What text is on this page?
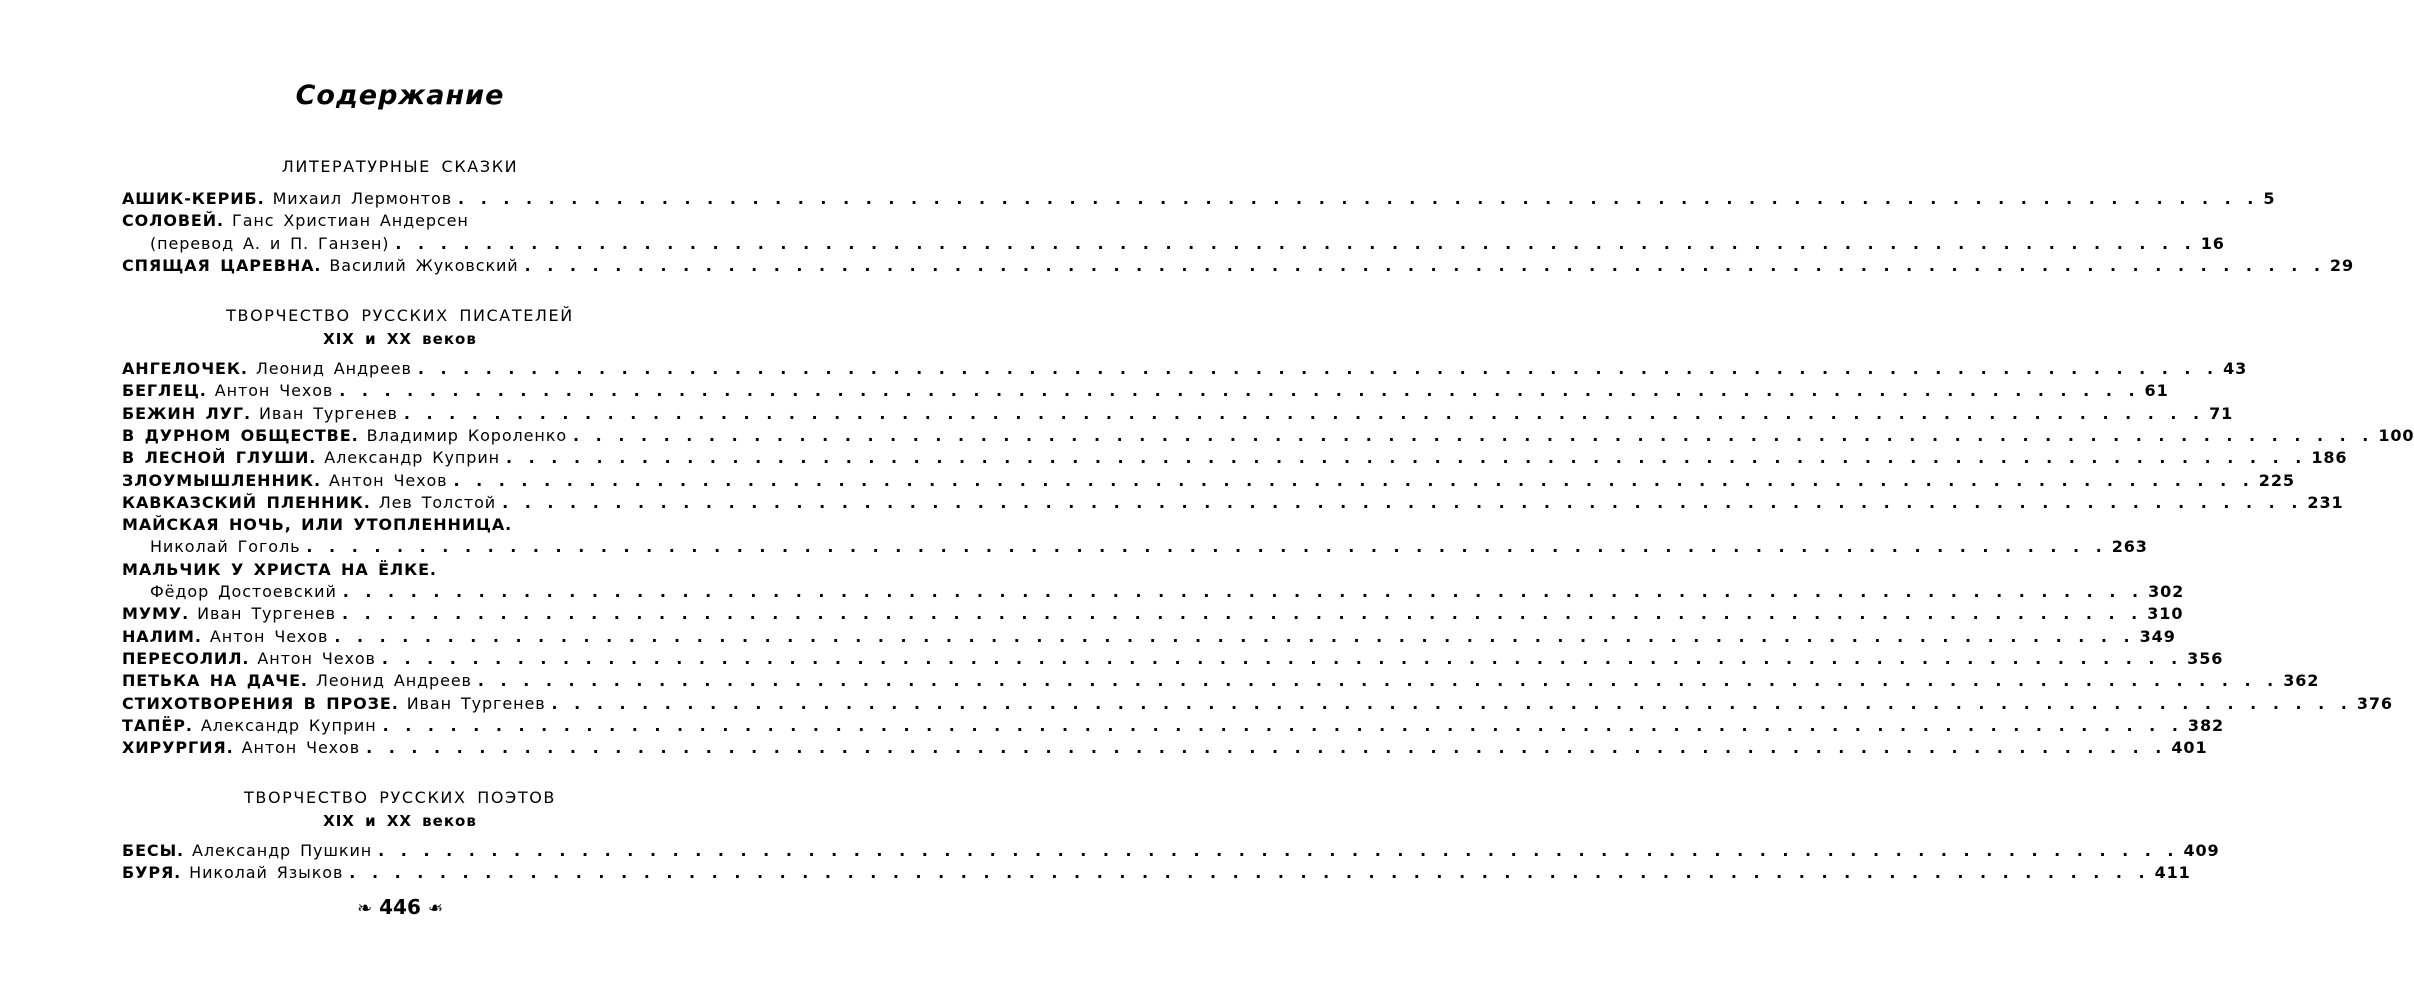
Содержание
ЛИТЕРАТУРНЫЕ СКАЗКИ
АШИК-КЕРИБ. Михаил Лермонтов . . . . . . . . . . . . . . . . . . . . . . . . . . . . . . . . . . . . . . . . . . . . . . . . . . . . . . . . . . . . . . . . . . . . . . . . . . . . . . . . 5
СОЛОВЕЙ. Ганс Христиан Андерсен
(перевод А. и П. Ганзен) . . . . . . . . . . . . . . . . . . . . . . . . . . . . . . . . . . . . . . . . . . . . . . . . . . . . . . . . . . . . . . . . . . . . . . . . . . . . . . . . 16
СПЯЩАЯ ЦАРЕВНА. Василий Жуковский . . . . . . . . . . . . . . . . . . . . . . . . . . . . . . . . . . . . . . . . . . . . . . . . . . . . . . . . . . . . . . . . . . . . . . . . . . . . . . . . 29
ТВОРЧЕСТВО РУССКИХ ПИСАТЕЛЕЙ
XIX и XX веков
АНГЕЛОЧЕК. Леонид Андреев . . . . . . . . . . . . . . . . . . . . . . . . . . . . . . . . . . . . . . . . . . . . . . . . . . . . . . . . . . . . . . . . . . . . . . . . . . . . . . . . 43
БЕГЛЕЦ. Антон Чехов . . . . . . . . . . . . . . . . . . . . . . . . . . . . . . . . . . . . . . . . . . . . . . . . . . . . . . . . . . . . . . . . . . . . . . . . . . . . . . . . 61
БЕЖИН ЛУГ. Иван Тургенев . . . . . . . . . . . . . . . . . . . . . . . . . . . . . . . . . . . . . . . . . . . . . . . . . . . . . . . . . . . . . . . . . . . . . . . . . . . . . . . . 71
В ДУРНОМ ОБЩЕСТВЕ. Владимир Короленко . . . . . . . . . . . . . . . . . . . . . . . . . . . . . . . . . . . . . . . . . . . . . . . . . . . . . . . . . . . . . . . . . . . . . . . . . . . . . . . . 100
В ЛЕСНОЙ ГЛУШИ. Александр Куприн . . . . . . . . . . . . . . . . . . . . . . . . . . . . . . . . . . . . . . . . . . . . . . . . . . . . . . . . . . . . . . . . . . . . . . . . . . . . . . . . 186
ЗЛОУМЫШЛЕННИК. Антон Чехов . . . . . . . . . . . . . . . . . . . . . . . . . . . . . . . . . . . . . . . . . . . . . . . . . . . . . . . . . . . . . . . . . . . . . . . . . . . . . . . . 225
КАВКАЗСКИЙ ПЛЕННИК. Лев Толстой . . . . . . . . . . . . . . . . . . . . . . . . . . . . . . . . . . . . . . . . . . . . . . . . . . . . . . . . . . . . . . . . . . . . . . . . . . . . . . . . 231
МАЙСКАЯ НОЧЬ, ИЛИ УТОПЛЕННИЦА.
Николай Гоголь . . . . . . . . . . . . . . . . . . . . . . . . . . . . . . . . . . . . . . . . . . . . . . . . . . . . . . . . . . . . . . . . . . . . . . . . . . . . . . . . 263
МАЛЬЧИК У ХРИСТА НА ЁЛКЕ.
Фёдор Достоевский . . . . . . . . . . . . . . . . . . . . . . . . . . . . . . . . . . . . . . . . . . . . . . . . . . . . . . . . . . . . . . . . . . . . . . . . . . . . . . . . 302
МУМУ. Иван Тургенев . . . . . . . . . . . . . . . . . . . . . . . . . . . . . . . . . . . . . . . . . . . . . . . . . . . . . . . . . . . . . . . . . . . . . . . . . . . . . . . . 310
НАЛИМ. Антон Чехов . . . . . . . . . . . . . . . . . . . . . . . . . . . . . . . . . . . . . . . . . . . . . . . . . . . . . . . . . . . . . . . . . . . . . . . . . . . . . . . . 349
ПЕРЕСОЛИЛ. Антон Чехов . . . . . . . . . . . . . . . . . . . . . . . . . . . . . . . . . . . . . . . . . . . . . . . . . . . . . . . . . . . . . . . . . . . . . . . . . . . . . . . . 356
ПЕТЬКА НА ДАЧЕ. Леонид Андреев . . . . . . . . . . . . . . . . . . . . . . . . . . . . . . . . . . . . . . . . . . . . . . . . . . . . . . . . . . . . . . . . . . . . . . . . . . . . . . . . 362
СТИХОТВОРЕНИЯ В ПРОЗЕ. Иван Тургенев . . . . . . . . . . . . . . . . . . . . . . . . . . . . . . . . . . . . . . . . . . . . . . . . . . . . . . . . . . . . . . . . . . . . . . . . . . . . . . . . 376
ТАПЁР. Александр Куприн . . . . . . . . . . . . . . . . . . . . . . . . . . . . . . . . . . . . . . . . . . . . . . . . . . . . . . . . . . . . . . . . . . . . . . . . . . . . . . . . 382
ХИРУРГИЯ. Антон Чехов . . . . . . . . . . . . . . . . . . . . . . . . . . . . . . . . . . . . . . . . . . . . . . . . . . . . . . . . . . . . . . . . . . . . . . . . . . . . . . . . 401
ТВОРЧЕСТВО РУССКИХ ПОЭТОВ
XIX и XX веков
БЕСЫ. Александр Пушкин . . . . . . . . . . . . . . . . . . . . . . . . . . . . . . . . . . . . . . . . . . . . . . . . . . . . . . . . . . . . . . . . . . . . . . . . . . . . . . . . 409
БУРЯ. Николай Языков . . . . . . . . . . . . . . . . . . . . . . . . . . . . . . . . . . . . . . . . . . . . . . . . . . . . . . . . . . . . . . . . . . . . . . . . . . . . . . . . 411
❧ 446 ❧
